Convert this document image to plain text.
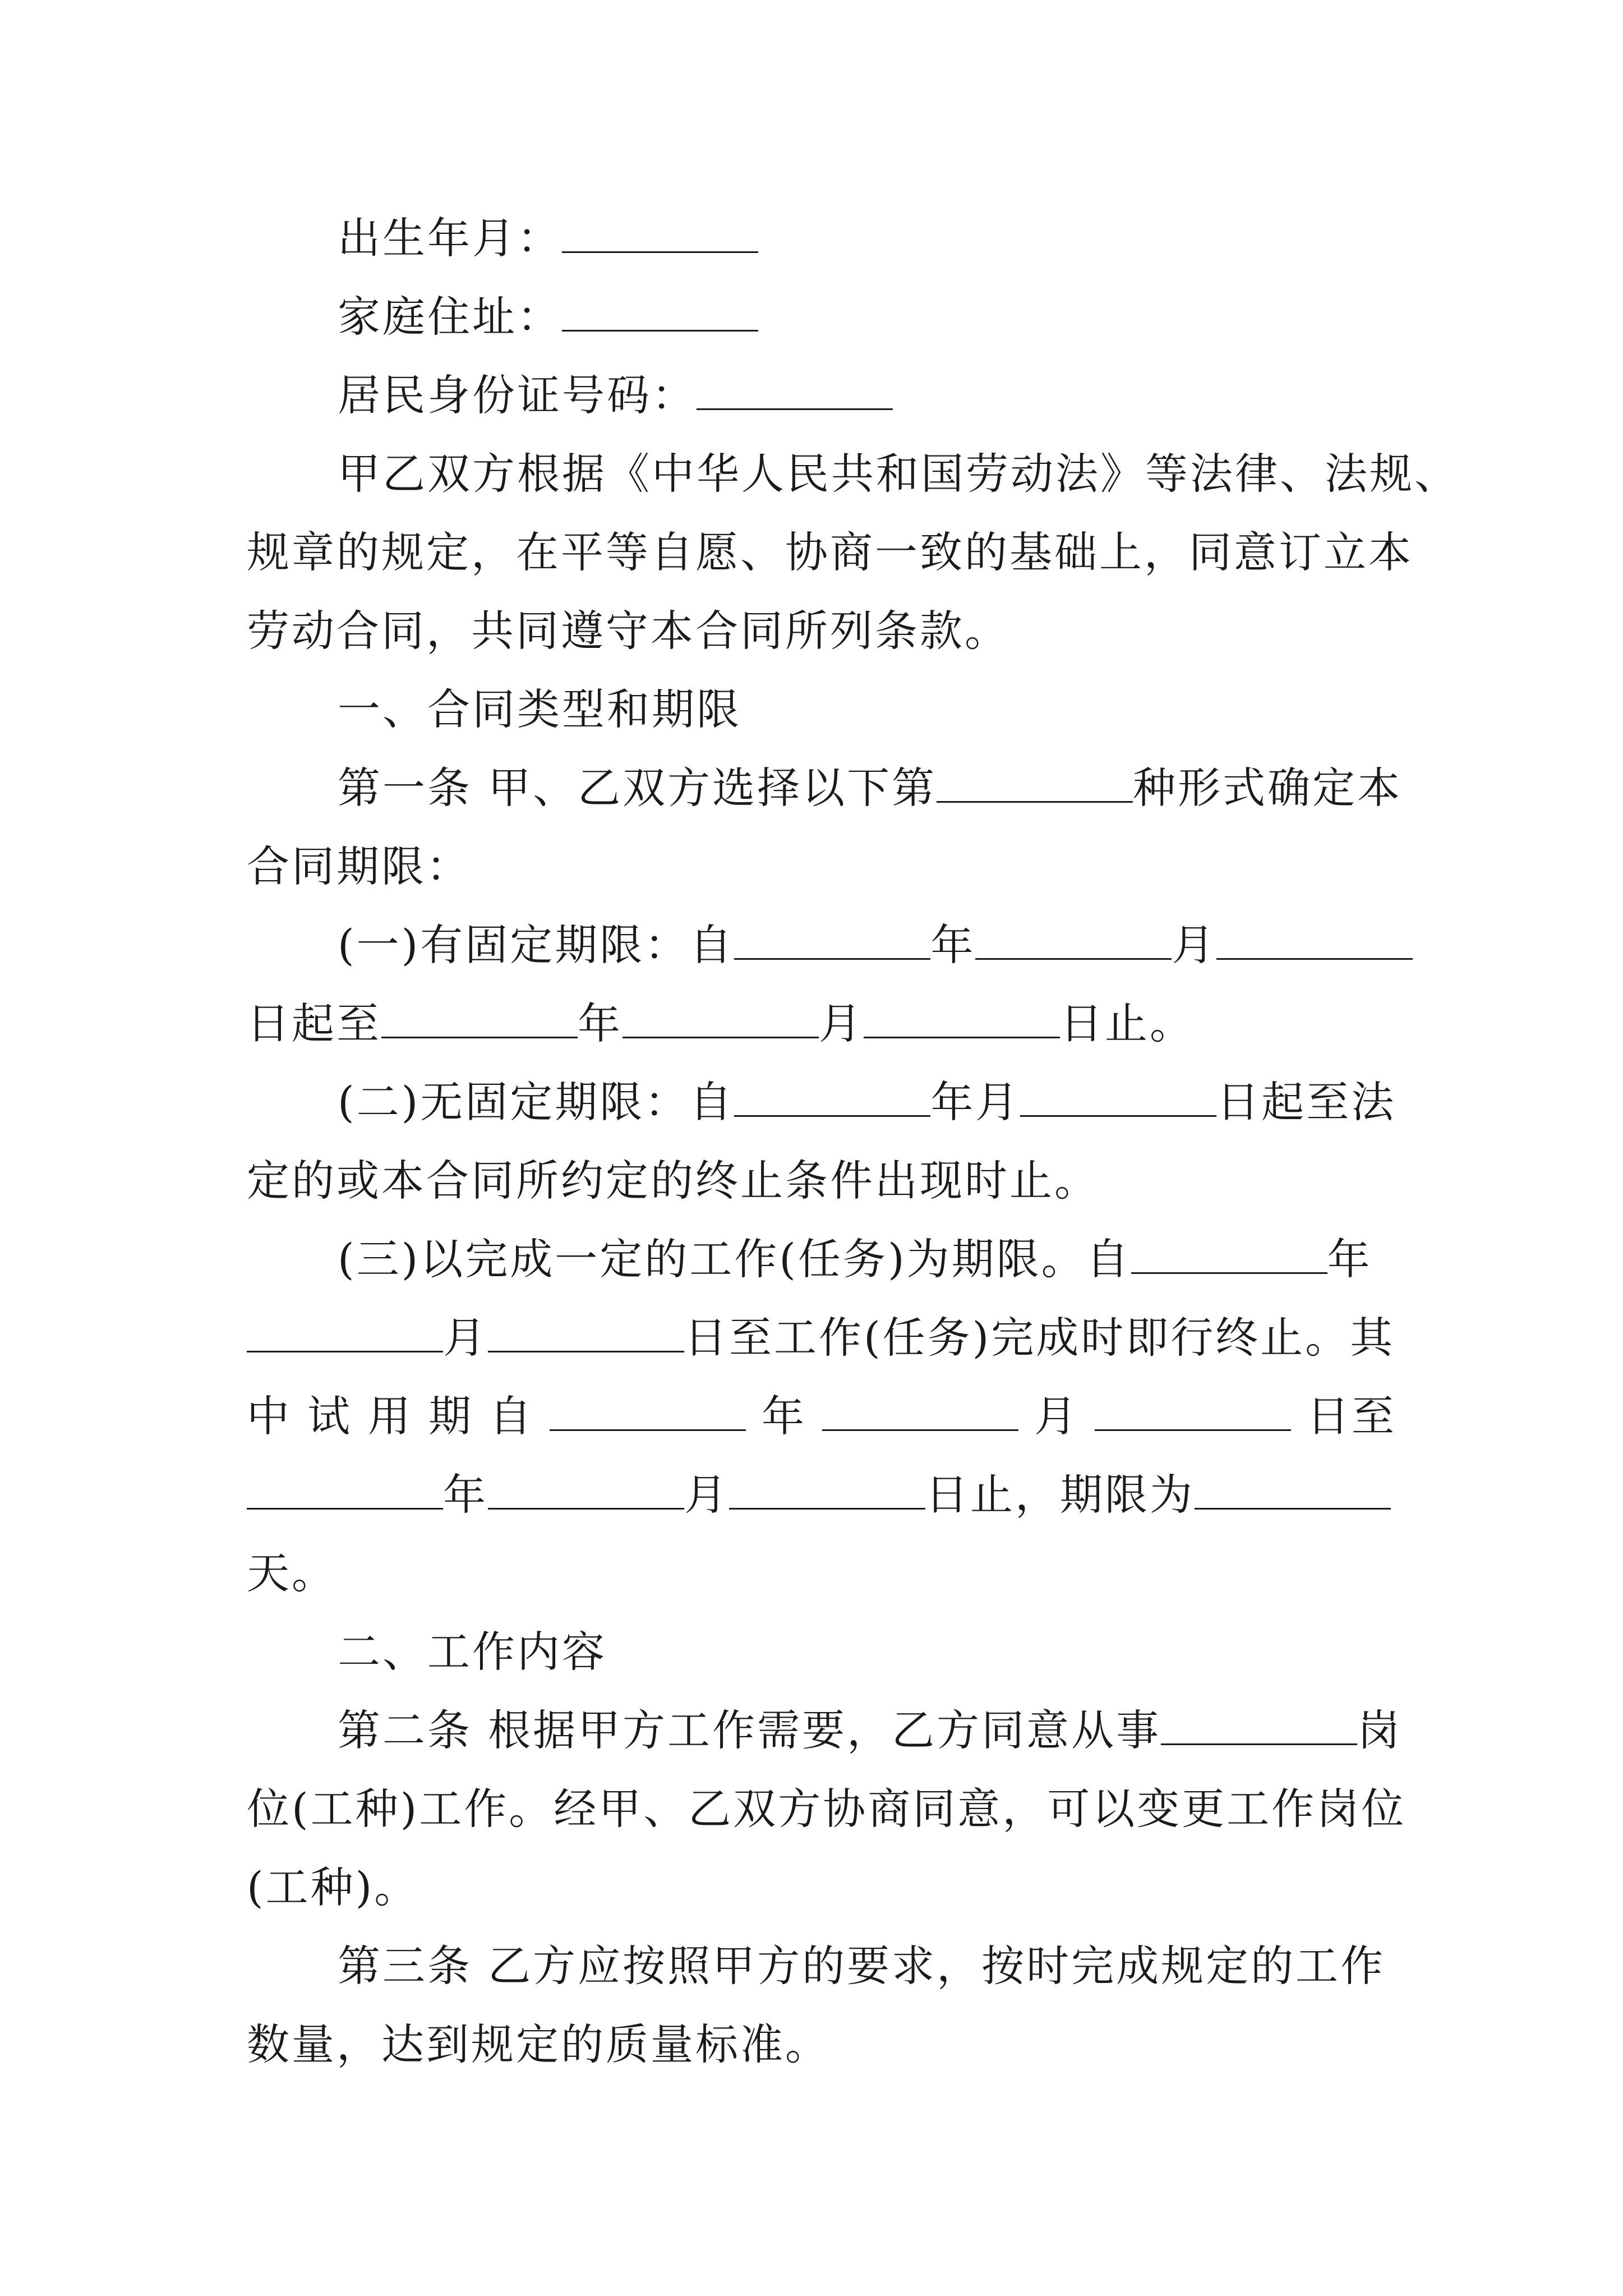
出生年月：
家庭住址：
居民身份证号码：
甲乙双方根据《中华人民共和国劳动法》等法律、法规、
规章的规定，在平等自愿、协商一致的基础上，同意订立本
劳动合同，共同遵守本合同所列条款。
一、合同类型和期限
第一条 甲、乙双方选择以下第	种形式确定本
合同期限：
(一)有固定期限：自	年	月
日起至	年	月	日止。
(二)无固定期限：自	年月	日起至法
定的或本合同所约定的终止条件出现时止。
(三)以完成一定的工作(任务)为期限。自	年
月	日至工作(任务)完成时即行终止。其
中 试 用 期 自	年	月	日至
年	月	日止，期限为
天。
二、工作内容
第二条 根据甲方工作需要，乙方同意从事	岗
位(工种)工作。经甲、乙双方协商同意，可以变更工作岗位
(工种)。
第三条 乙方应按照甲方的要求，按时完成规定的工作
数量，达到规定的质量标准。
